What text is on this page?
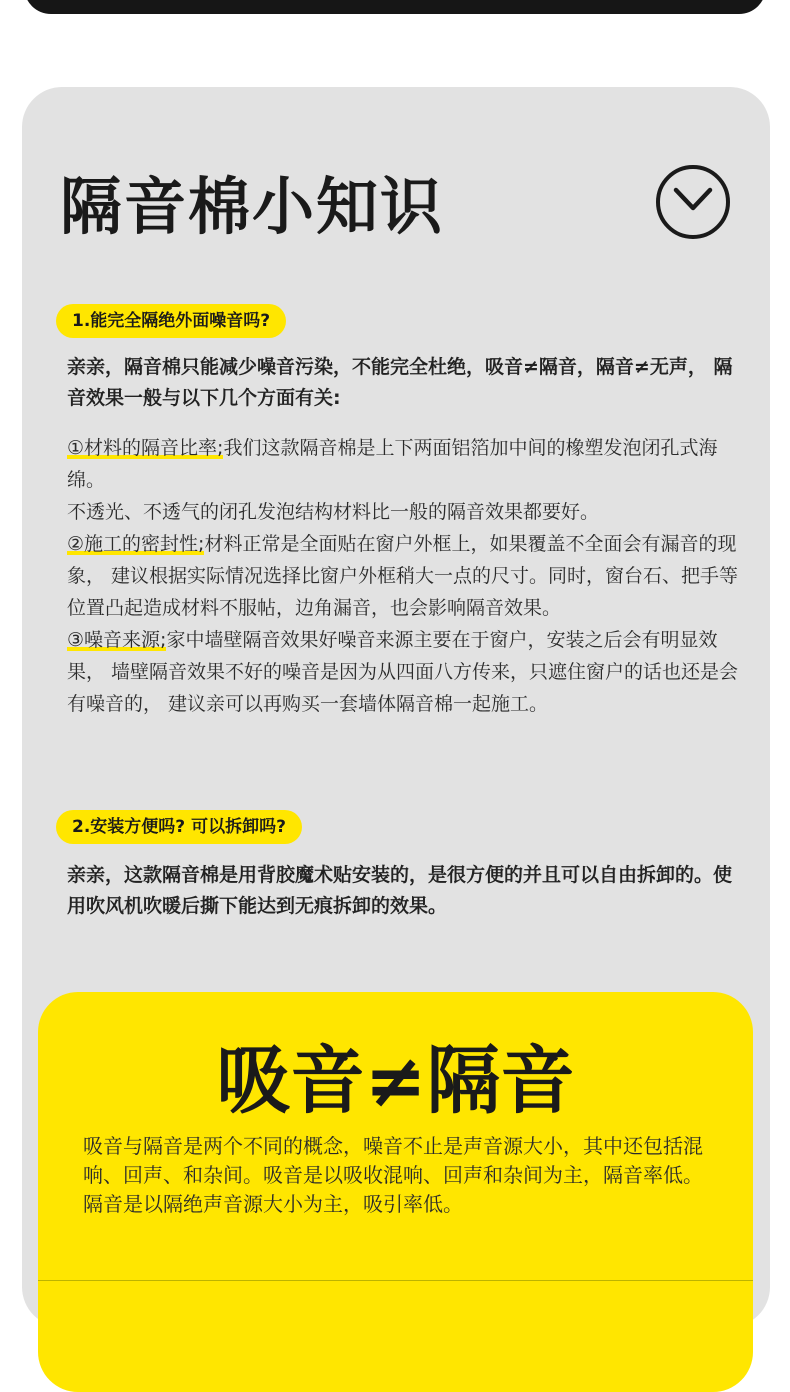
隔音棉小知识
1.能完全隔绝外面噪音吗?
亲亲，隔音棉只能减少噪音污染，不能完全杜绝，吸音≠隔音，隔音≠无声， 隔音效果一般与以下几个方面有关:

①材料的隔音比率;我们这款隔音棉是上下两面铝箔加中间的橡塑发泡闭孔式海绵。

不透光、不透气的闭孔发泡结构材料比一般的隔音效果都要好。

②施工的密封性;材料正常是全面贴在窗户外框上，如果覆盖不全面会有漏音的现象， 建议根据实际情况选择比窗户外框稍大一点的尺寸。同时，窗台石、把手等位置凸起造成材料不服帖，边角漏音，也会影响隔音效果。

③噪音来源;家中墙壁隔音效果好噪音来源主要在于窗户，安装之后会有明显效果， 墙壁隔音效果不好的噪音是因为从四面八方传来，只遮住窗户的话也还是会有噪音的， 建议亲可以再购买一套墙体隔音棉一起施工。

2.安装方便吗? 可以拆卸吗?
亲亲，这款隔音棉是用背胶魔术贴安装的，是很方便的并且可以自由拆卸的。使用吹风机吹暖后撕下能达到无痕拆卸的效果。
吸音≠隔音
吸音与隔音是两个不同的概念，噪音不止是声音源大小，其中还包括混响、回声、和杂间。吸音是以吸收混响、回声和杂间为主，隔音率低。隔音是以隔绝声音源大小为主，吸引率低。
